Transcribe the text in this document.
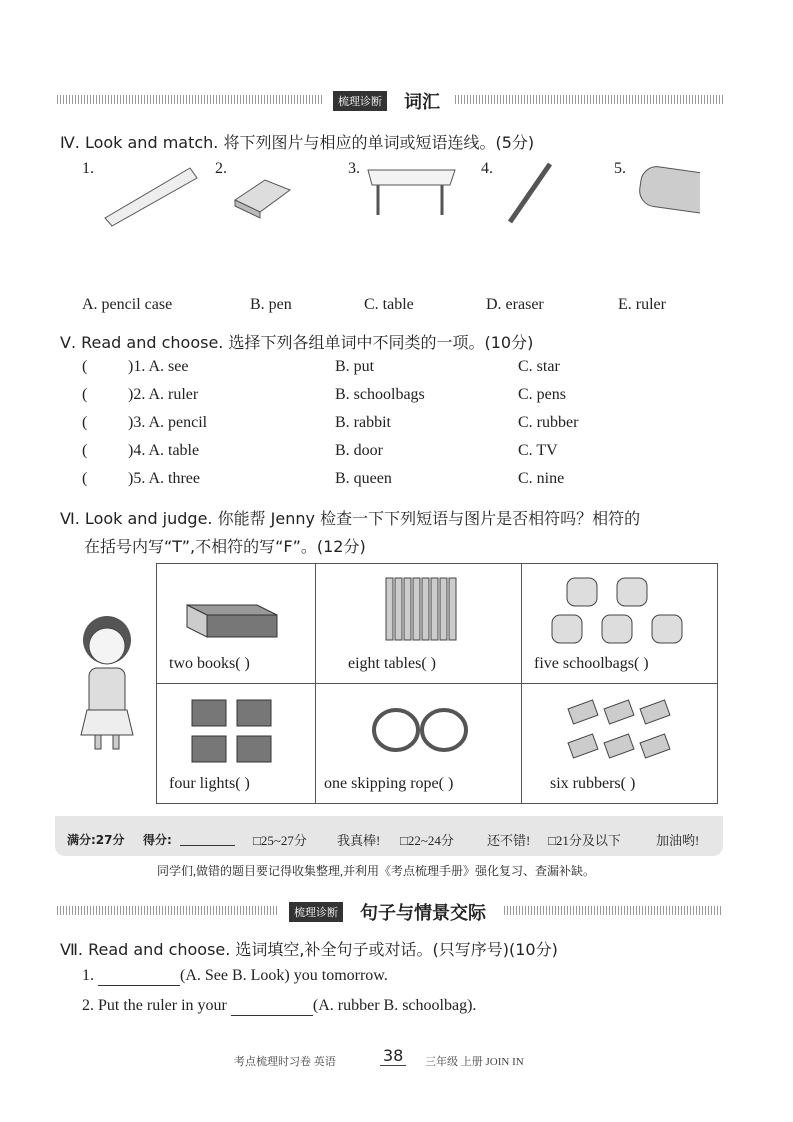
梳理诊断 词汇
Ⅳ. Look and match. 将下列图片与相应的单词或短语连线。(5分)
1.	2.	3.	4.	5.
A. pencil case	B. pen	C. table	D. eraser	E. ruler
Ⅴ. Read and choose. 选择下列各组单词中不同类的一项。(10分)
(	)1. A. see	B. put	C. star
(	)2. A. ruler	B. schoolbags	C. pens
(	)3. A. pencil	B. rabbit	C. rubber
(	)4. A. table	B. door	C. TV
(	)5. A. three	B. queen	C. nine
Ⅵ. Look and judge. 你能帮 Jenny 检查一下下列短语与图片是否相符吗？相符的
在括号内写“T”,不相符的写“F”。(12分)
two books( )	eight tables( )	five schoolbags( )

four lights( )	one skipping rope( )	six rubbers( )
满分:27分 得分:	□25~27分 我真棒! □22~24分	还不错! □21分及以下	加油哟!
同学们,做错的题目要记得收集整理,并利用《考点梳理手册》强化复习、查漏补缺。
梳理诊断 句子与情景交际
Ⅶ. Read and choose. 选词填空,补全句子或对话。(只写序号)(10分)
1.	(A. See B. Look) you tomorrow.
2. Put the ruler in your	(A. rubber B. schoolbag).
考点梳理时习卷 英语	38 三年级 上册 JOIN IN
